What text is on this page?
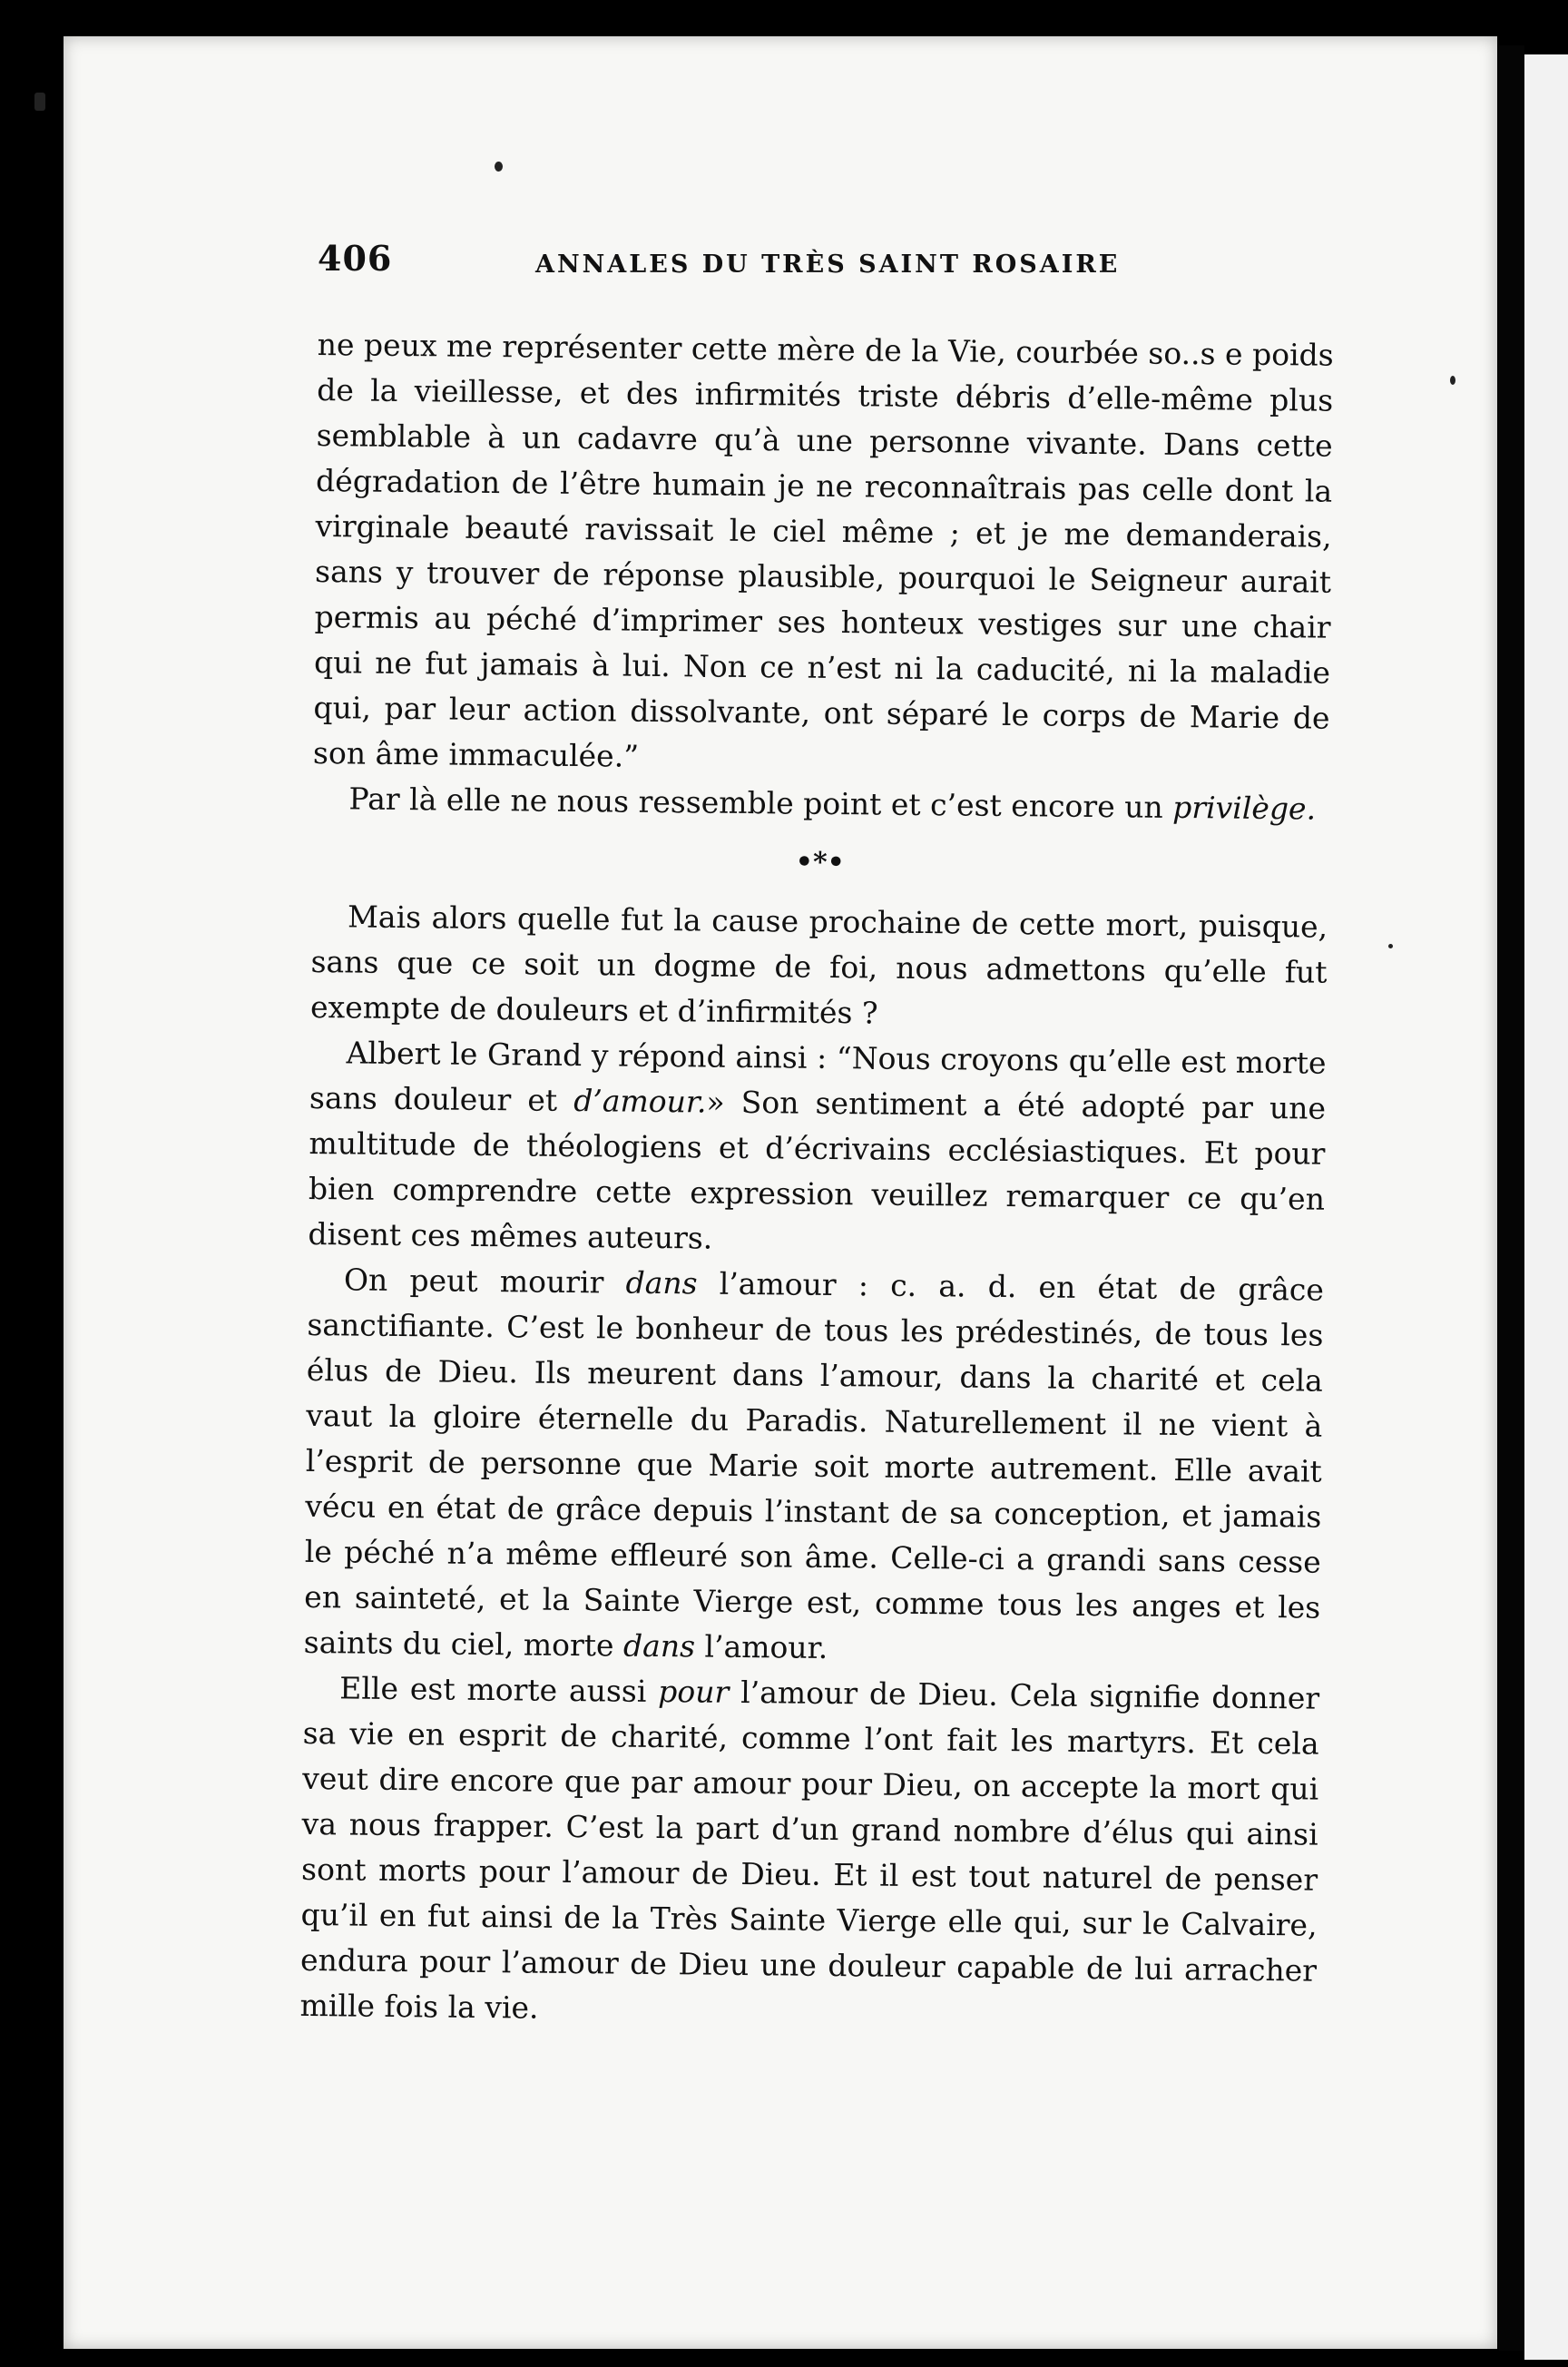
406	ANNALES DU TRÈS SAINT ROSAIRE

ne peux me représenter cette mère de la Vie, courbée so..s e poids de la vieillesse, et des infirmités triste débris d’elle-même plus semblable à un cadavre qu’à une personne vivante. Dans cette dégradation de l’être humain je ne reconnaîtrais pas celle dont la virginale beauté ravissait le ciel même ; et je me demanderais, sans y trouver de réponse plausible, pourquoi le Seigneur aurait permis au péché d’imprimer ses honteux vestiges sur une chair qui ne fut jamais à lui. Non ce n’est ni la caducité, ni la maladie qui, par leur action dissolvante, ont séparé le corps de Marie de son âme immaculée.”

Par là elle ne nous ressemble point et c’est encore un privilège.

•*•

Mais alors quelle fut la cause prochaine de cette mort, puisque, sans que ce soit un dogme de foi, nous admettons qu’elle fut exempte de douleurs et d’infirmités ?

Albert le Grand y répond ainsi : “Nous croyons qu’elle est morte sans douleur et d’amour.» Son sentiment a été adopté par une multitude de théologiens et d’écrivains ecclésiastiques. Et pour bien comprendre cette expression veuillez remarquer ce qu’en disent ces mêmes auteurs.

On peut mourir dans l’amour : c. a. d. en état de grâce sanctifiante. C’est le bonheur de tous les prédestinés, de tous les élus de Dieu. Ils meurent dans l’amour, dans la charité et cela vaut la gloire éternelle du Paradis. Naturellement il ne vient à l’esprit de personne que Marie soit morte autrement. Elle avait vécu en état de grâce depuis l’instant de sa conception, et jamais le péché n’a même effleuré son âme. Celle-ci a grandi sans cesse en sainteté, et la Sainte Vierge est, comme tous les anges et les saints du ciel, morte dans l’amour.

Elle est morte aussi pour l’amour de Dieu. Cela signifie donner sa vie en esprit de charité, comme l’ont fait les martyrs. Et cela veut dire encore que par amour pour Dieu, on accepte la mort qui va nous frapper. C’est la part d’un grand nombre d’élus qui ainsi sont morts pour l’amour de Dieu. Et il est tout naturel de penser qu’il en fut ainsi de la Très Sainte Vierge elle qui, sur le Calvaire, endura pour l’amour de Dieu une douleur capable de lui arracher mille fois la vie.
